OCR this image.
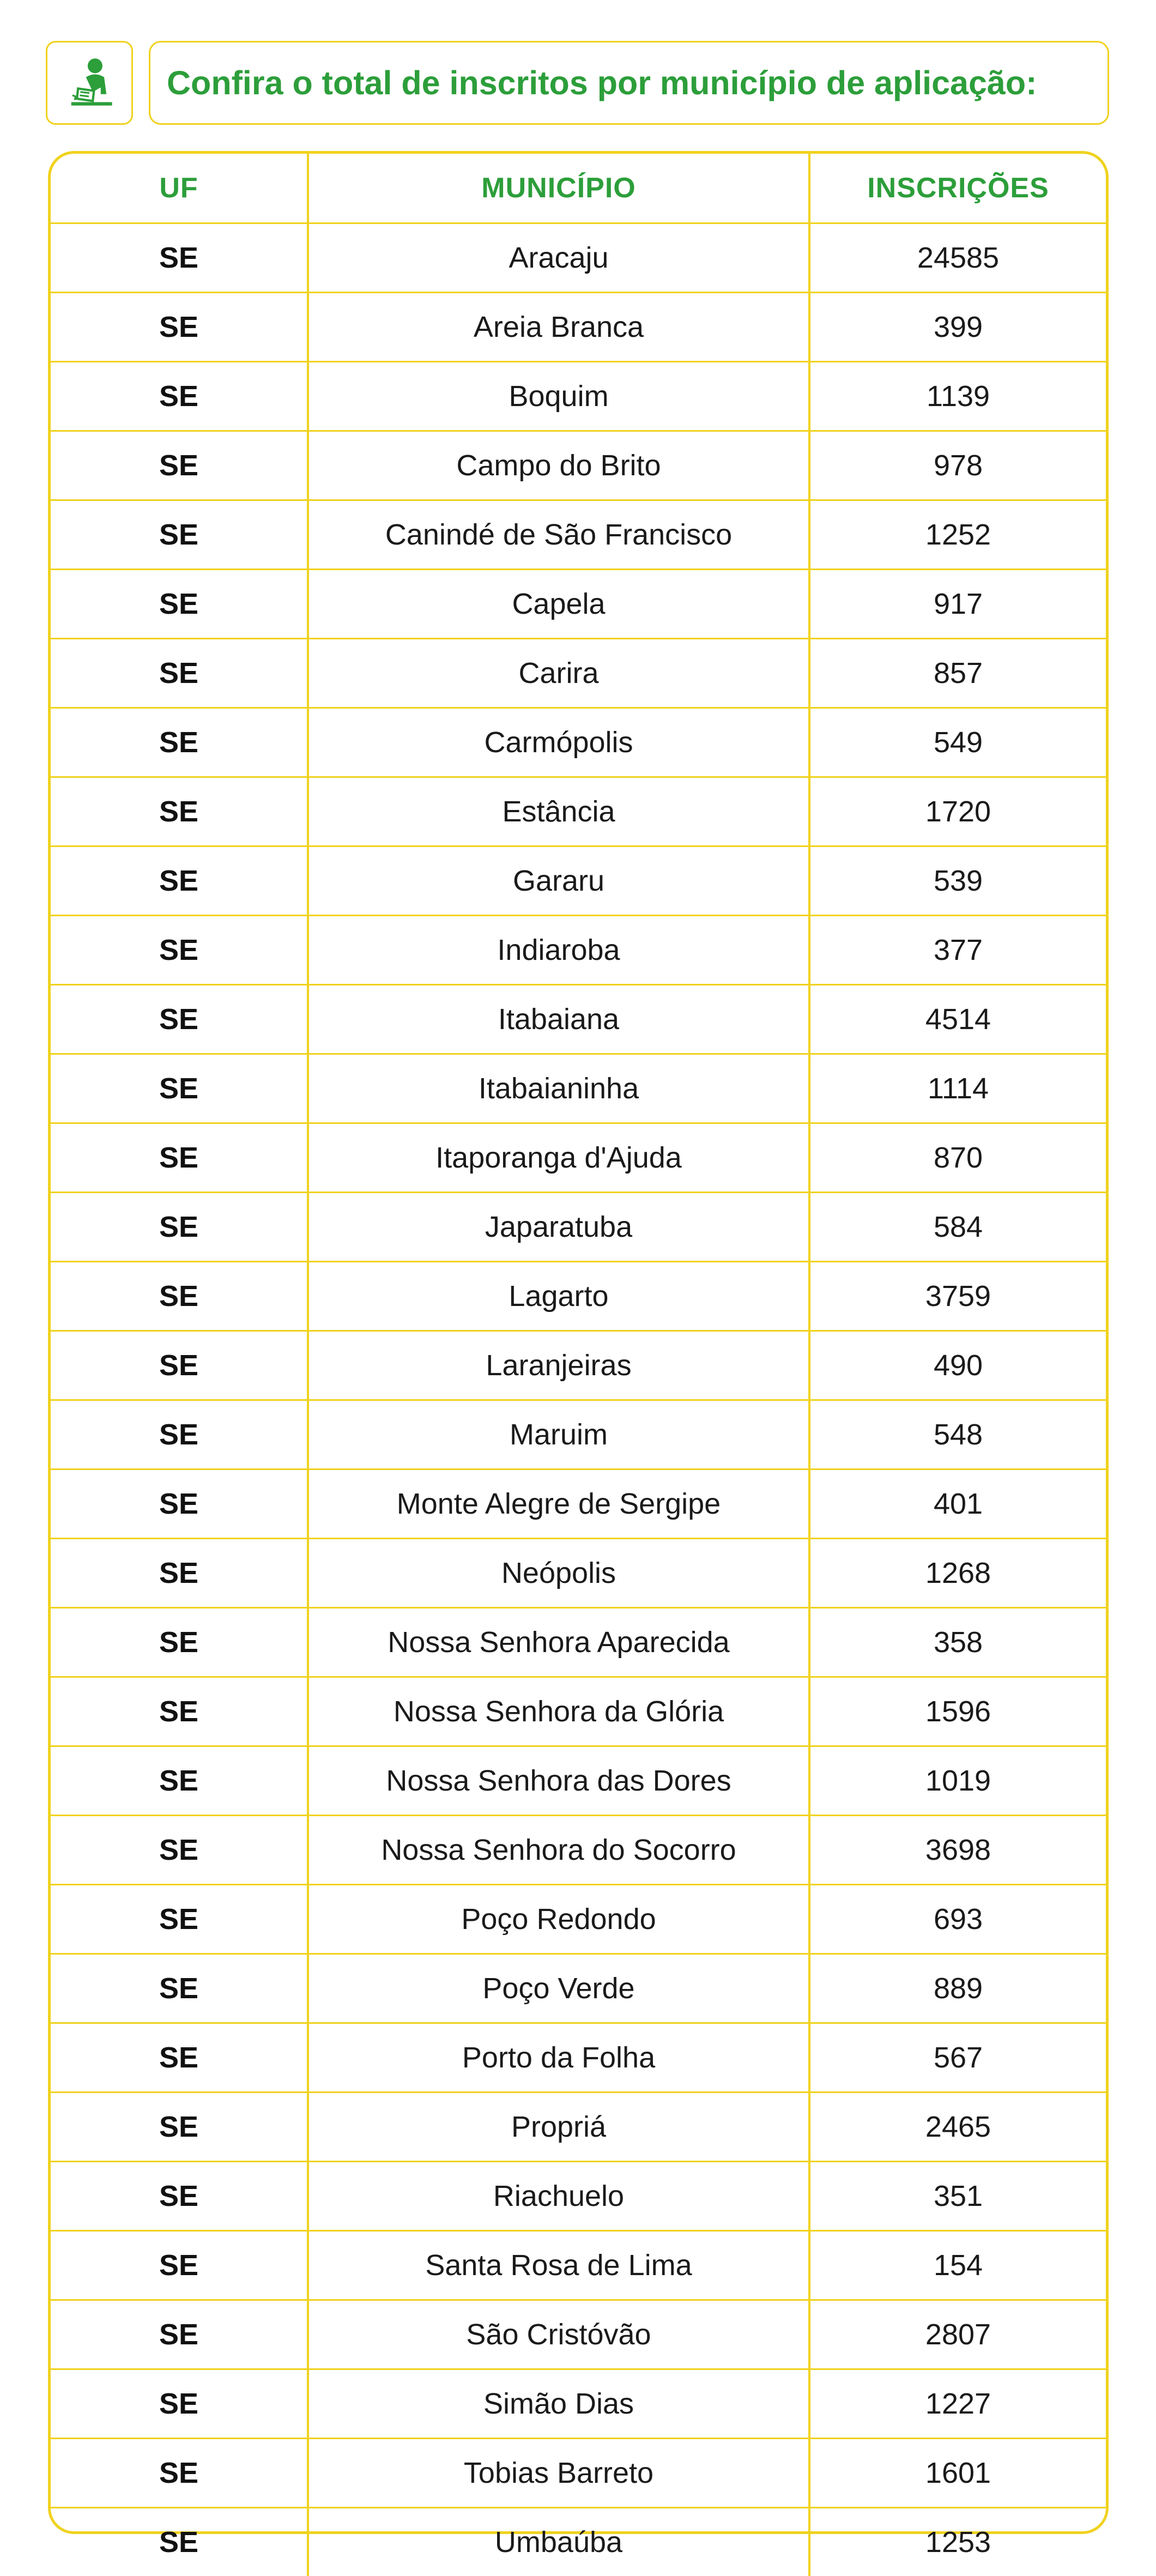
Confira o total de inscritos por município de aplicação:
UF	MUNICÍPIO	INSCRIÇÕES
SE	Aracaju	24585
SE	Areia Branca	399
SE	Boquim	1139
SE	Campo do Brito	978
SE	Canindé de São Francisco	1252
SE	Capela	917
SE	Carira	857
SE	Carmópolis	549
SE	Estância	1720
SE	Gararu	539
SE	Indiaroba	377
SE	Itabaiana	4514
SE	Itabaianinha	1114
SE	Itaporanga d'Ajuda	870
SE	Japaratuba	584
SE	Lagarto	3759
SE	Laranjeiras	490
SE	Maruim	548
SE	Monte Alegre de Sergipe	401
SE	Neópolis	1268
SE	Nossa Senhora Aparecida	358
SE	Nossa Senhora da Glória	1596
SE	Nossa Senhora das Dores	1019
SE	Nossa Senhora do Socorro	3698
SE	Poço Redondo	693
SE	Poço Verde	889
SE	Porto da Folha	567
SE	Propriá	2465
SE	Riachuelo	351
SE	Santa Rosa de Lima	154
SE	São Cristóvão	2807
SE	Simão Dias	1227
SE	Tobias Barreto	1601
SE	Umbaúba	1253
